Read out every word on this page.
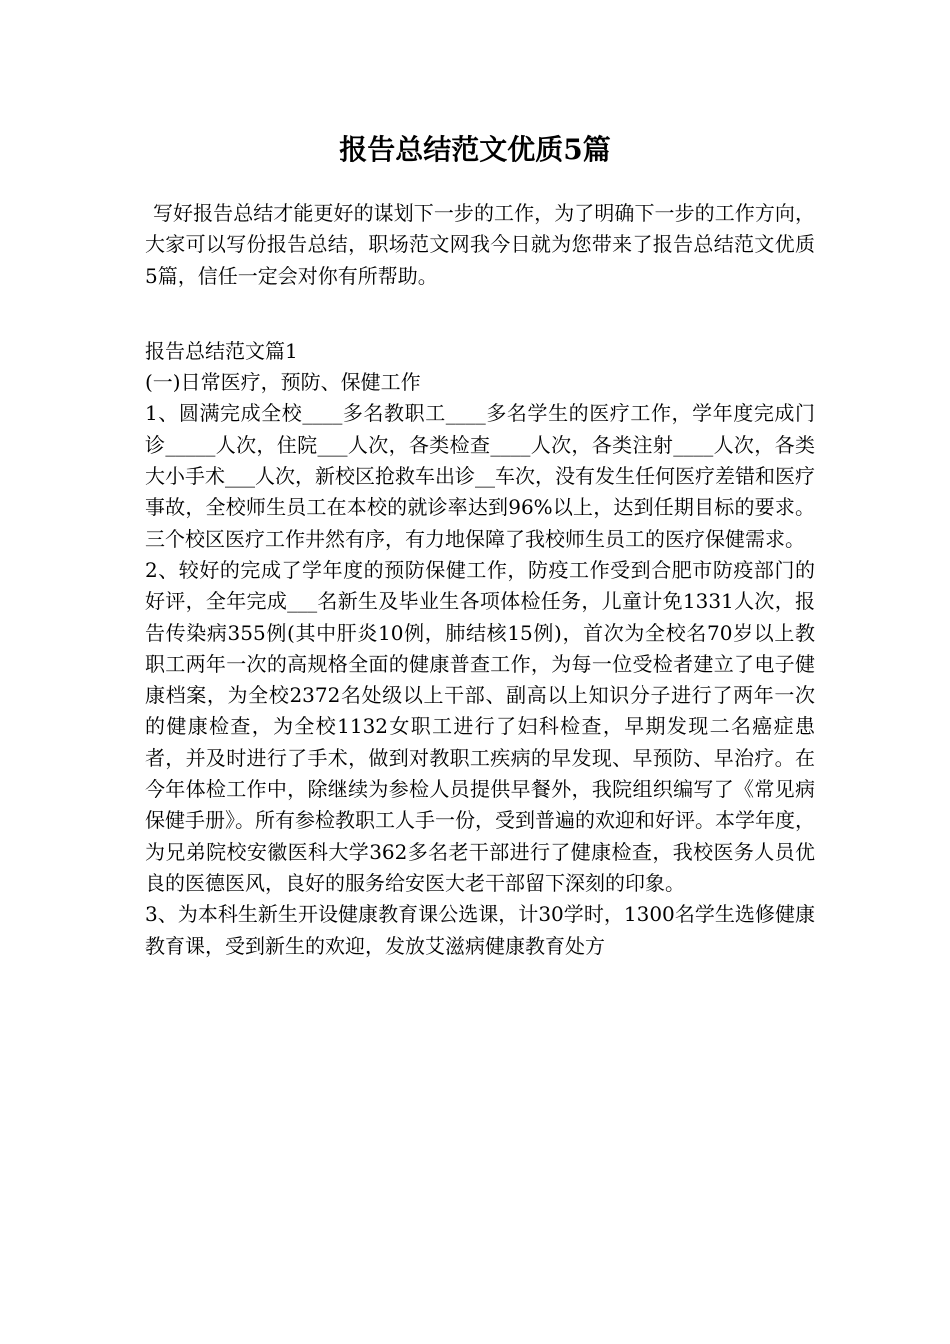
报告总结范文优质5篇

写好报告总结才能更好的谋划下一步的工作，为了明确下一步的工作方向，大家可以写份报告总结，职场范文网我今日就为您带来了报告总结范文优质5篇，信任一定会对你有所帮助。

报告总结范文篇1

(一)日常医疗，预防、保健工作

1、圆满完成全校____多名教职工____多名学生的医疗工作，学年度完成门诊_____人次，住院___人次，各类检查____人次，各类注射____人次，各类大小手术___人次，新校区抢救车出诊__车次，没有发生任何医疗差错和医疗事故，全校师生员工在本校的就诊率达到96%以上，达到任期目标的要求。三个校区医疗工作井然有序，有力地保障了我校师生员工的医疗保健需求。

2、较好的完成了学年度的预防保健工作，防疫工作受到合肥市防疫部门的好评，全年完成___名新生及毕业生各项体检任务，儿童计免1331人次，报告传染病355例(其中肝炎10例，肺结核15例)，首次为全校名70岁以上教职工两年一次的高规格全面的健康普查工作，为每一位受检者建立了电子健康档案，为全校2372名处级以上干部、副高以上知识分子进行了两年一次的健康检查，为全校1132女职工进行了妇科检查，早期发现二名癌症患者，并及时进行了手术，做到对教职工疾病的早发现、早预防、早治疗。在今年体检工作中，除继续为参检人员提供早餐外，我院组织编写了《常见病保健手册》。所有参检教职工人手一份，受到普遍的欢迎和好评。本学年度，为兄弟院校安徽医科大学362多名老干部进行了健康检查，我校医务人员优良的医德医风，良好的服务给安医大老干部留下深刻的印象。

3、为本科生新生开设健康教育课公选课，计30学时，1300名学生选修健康教育课，受到新生的欢迎，发放艾滋病健康教育处方
